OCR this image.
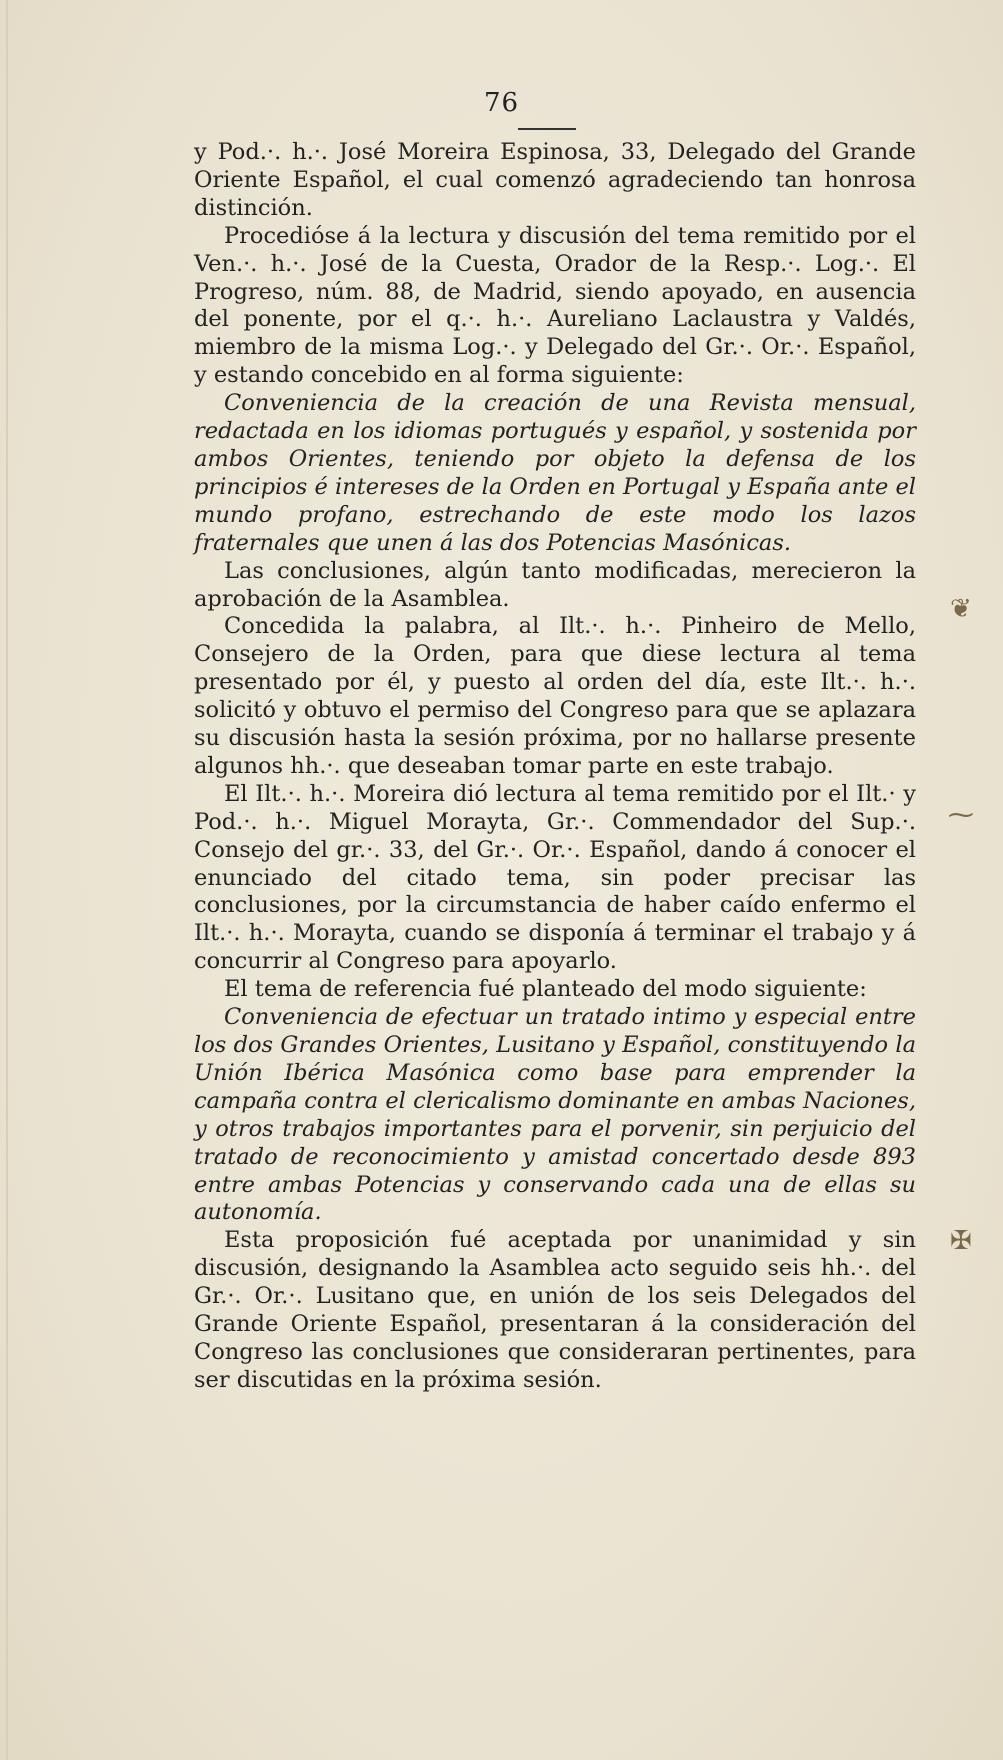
76

y Pod.·. h.·. José Moreira Espinosa, 33, Delegado del Grande Oriente Español, el cual comenzó agradeciendo tan honrosa distinción.

Procedióse á la lectura y discusión del tema remitido por el Ven.·. h.·. José de la Cuesta, Orador de la Resp.·. Log.·. El Progreso, núm. 88, de Madrid, siendo apoyado, en ausencia del ponente, por el q.·. h.·. Aureliano Laclaustra y Valdés, miembro de la misma Log.·. y Delegado del Gr.·. Or.·. Español, y estando concebido en al forma siguiente:

Conveniencia de la creación de una Revista mensual, redactada en los idiomas portugués y español, y sostenida por ambos Orientes, teniendo por objeto la defensa de los principios é intereses de la Orden en Portugal y España ante el mundo profano, estrechando de este modo los lazos fraternales que unen á las dos Potencias Masónicas.

Las conclusiones, algún tanto modificadas, merecieron la aprobación de la Asamblea.

Concedida la palabra, al Ilt.·. h.·. Pinheiro de Mello, Consejero de la Orden, para que diese lectura al tema presentado por él, y puesto al orden del día, este Ilt.·. h.·. solicitó y obtuvo el permiso del Congreso para que se aplazara su discusión hasta la sesión próxima, por no hallarse presente algunos hh.·. que deseaban tomar parte en este trabajo.

El Ilt.·. h.·. Moreira dió lectura al tema remitido por el Ilt.· y Pod.·. h.·. Miguel Morayta, Gr.·. Commendador del Sup.·. Consejo del gr.·. 33, del Gr.·. Or.·. Español, dando á conocer el enunciado del citado tema, sin poder precisar las conclusiones, por la circumstancia de haber caído enfermo el Ilt.·. h.·. Morayta, cuando se disponía á terminar el trabajo y á concurrir al Congreso para apoyarlo.

El tema de referencia fué planteado del modo siguiente:

Conveniencia de efectuar un tratado intimo y especial entre los dos Grandes Orientes, Lusitano y Español, constituyendo la Unión Ibérica Masónica como base para emprender la campaña contra el clericalismo dominante en ambas Naciones, y otros trabajos importantes para el porvenir, sin perjuicio del tratado de reconocimiento y amistad concertado desde 893 entre ambas Potencias y conservando cada una de ellas su autonomía.

Esta proposición fué aceptada por unanimidad y sin discusión, designando la Asamblea acto seguido seis hh.·. del Gr.·. Or.·. Lusitano que, en unión de los seis Delegados del Grande Oriente Español, presentaran á la consideración del Congreso las conclusiones que consideraran pertinentes, para ser discutidas en la próxima sesión.

❦
⁓
✠
